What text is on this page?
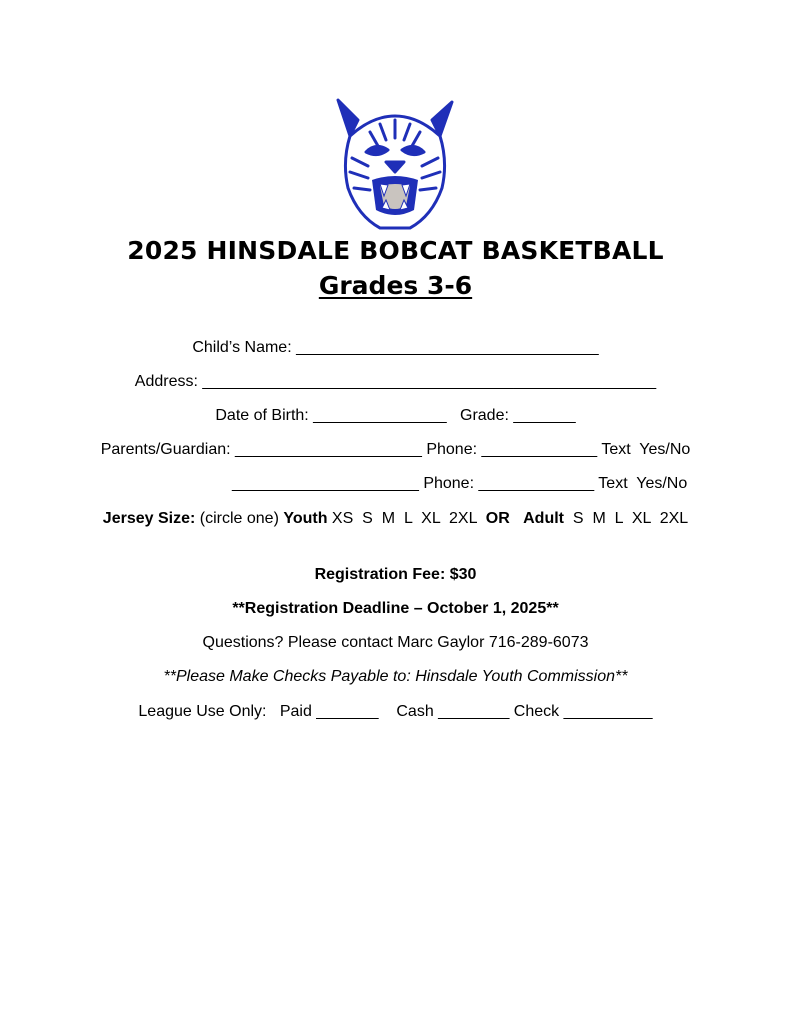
2025 HINSDALE BOBCAT BASKETBALL
Grades 3-6
Child’s Name: __________________________________
Address: ___________________________________________________
Date of Birth: _______________   Grade: _______
Parents/Guardian: _____________________ Phone: _____________ Text  Yes/No
_____________________ Phone: _____________ Text  Yes/No
Jersey Size: (circle one) Youth XS  S  M  L  XL  2XL  OR Adult  S  M  L  XL  2XL
Registration Fee: $30
**Registration Deadline – October 1, 2025**
Questions? Please contact Marc Gaylor 716-289-6073
**Please Make Checks Payable to: Hinsdale Youth Commission**
League Use Only:   Paid _______    Cash ________ Check __________
